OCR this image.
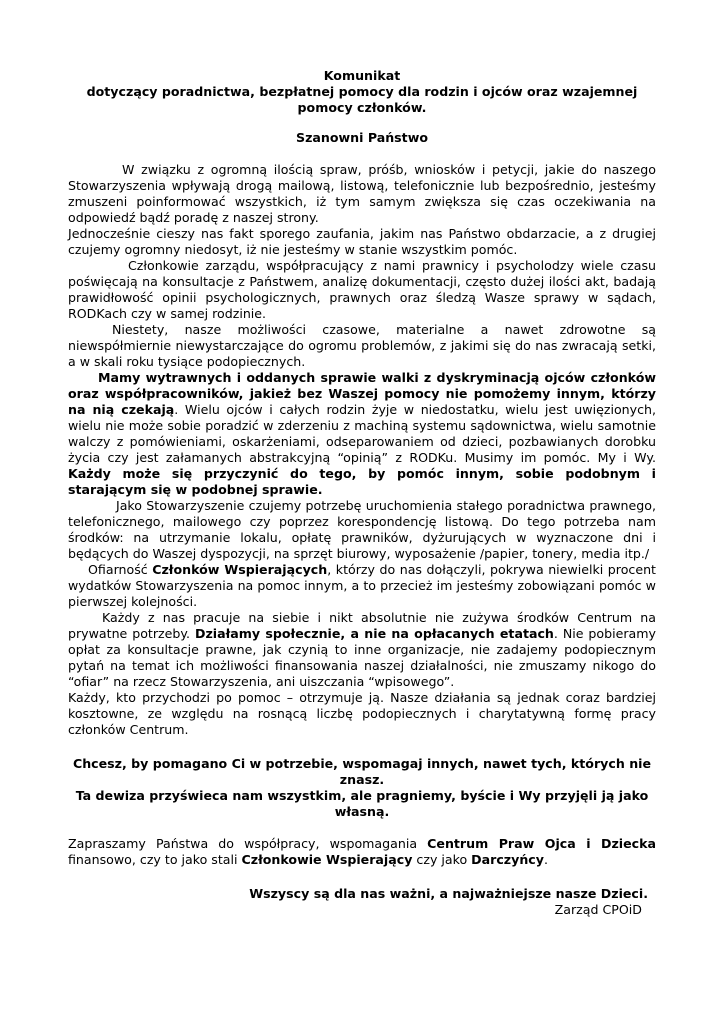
Komunikat
dotyczący poradnictwa, bezpłatnej pomocy dla rodzin i ojców oraz wzajemnej
pomocy członków.
Szanowni Państwo

W związku z ogromną ilością spraw, próśb, wniosków i petycji, jakie do naszego Stowarzyszenia wpływają drogą mailową, listową, telefonicznie lub bezpośrednio, jesteśmy zmuszeni poinformować wszystkich, iż tym samym zwiększa się czas oczekiwania na odpowiedź bądź poradę z naszej strony.

Jednocześnie cieszy nas fakt sporego zaufania, jakim nas Państwo obdarzacie, a z drugiej czujemy ogromny niedosyt, iż nie jesteśmy w stanie wszystkim pomóc.

Członkowie zarządu, współpracujący z nami prawnicy i psycholodzy wiele czasu poświęcają na konsultacje z Państwem, analizę dokumentacji, często dużej ilości akt, badają prawidłowość opinii psychologicznych, prawnych oraz śledzą Wasze sprawy w sądach, RODKach czy w samej rodzinie.

Niestety, nasze możliwości czasowe, materialne a nawet zdrowotne są niewspółmiernie niewystarczające do ogromu problemów, z jakimi się do nas zwracają setki, a w skali roku tysiące podopiecznych.

Mamy wytrawnych i oddanych sprawie walki z dyskryminacją ojców członków oraz współpracowników, jakież bez Waszej pomocy nie pomożemy innym, którzy na nią czekają. Wielu ojców i całych rodzin żyje w niedostatku, wielu jest uwięzionych, wielu nie może sobie poradzić w zderzeniu z machiną systemu sądownictwa, wielu samotnie walczy z pomówieniami, oskarżeniami, odseparowaniem od dzieci, pozbawianych dorobku życia czy jest załamanych abstrakcyjną “opinią” z RODKu. Musimy im pomóc. My i Wy. Każdy może się przyczynić do tego, by pomóc innym, sobie podobnym i starającym się w podobnej sprawie.

Jako Stowarzyszenie czujemy potrzebę uruchomienia stałego poradnictwa prawnego, telefonicznego, mailowego czy poprzez korespondencję listową. Do tego potrzeba nam środków: na utrzymanie lokalu, opłatę prawników, dyżurujących w wyznaczone dni i będących do Waszej dyspozycji, na sprzęt biurowy, wyposażenie /papier, tonery, media itp./

Ofiarność Członków Wspierających, którzy do nas dołączyli, pokrywa niewielki procent wydatków Stowarzyszenia na pomoc innym, a to przecież im jesteśmy zobowiązani pomóc w pierwszej kolejności.

Każdy z nas pracuje na siebie i nikt absolutnie nie zużywa środków Centrum na prywatne potrzeby. Działamy społecznie, a nie na opłacanych etatach. Nie pobieramy opłat za konsultacje prawne, jak czynią to inne organizacje, nie zadajemy podopiecznym pytań na temat ich możliwości finansowania naszej działalności, nie zmuszamy nikogo do “ofiar” na rzecz Stowarzyszenia, ani uiszczania “wpisowego”.

Każdy, kto przychodzi po pomoc – otrzymuje ją. Nasze działania są jednak coraz bardziej kosztowne, ze względu na rosnącą liczbę podopiecznych i charytatywną formę pracy członków Centrum.

Chcesz, by pomagano Ci w potrzebie, wspomagaj innych, nawet tych, których nie znasz.
Ta dewiza przyświeca nam wszystkim, ale pragniemy, byście i Wy przyjęli ją jako własną.

Zapraszamy Państwa do współpracy, wspomagania Centrum Praw Ojca i Dziecka finansowo, czy to jako stali Członkowie Wspierający czy jako Darczyńcy.

Wszyscy są dla nas ważni, a najważniejsze nasze Dzieci.
Zarząd CPOiD
